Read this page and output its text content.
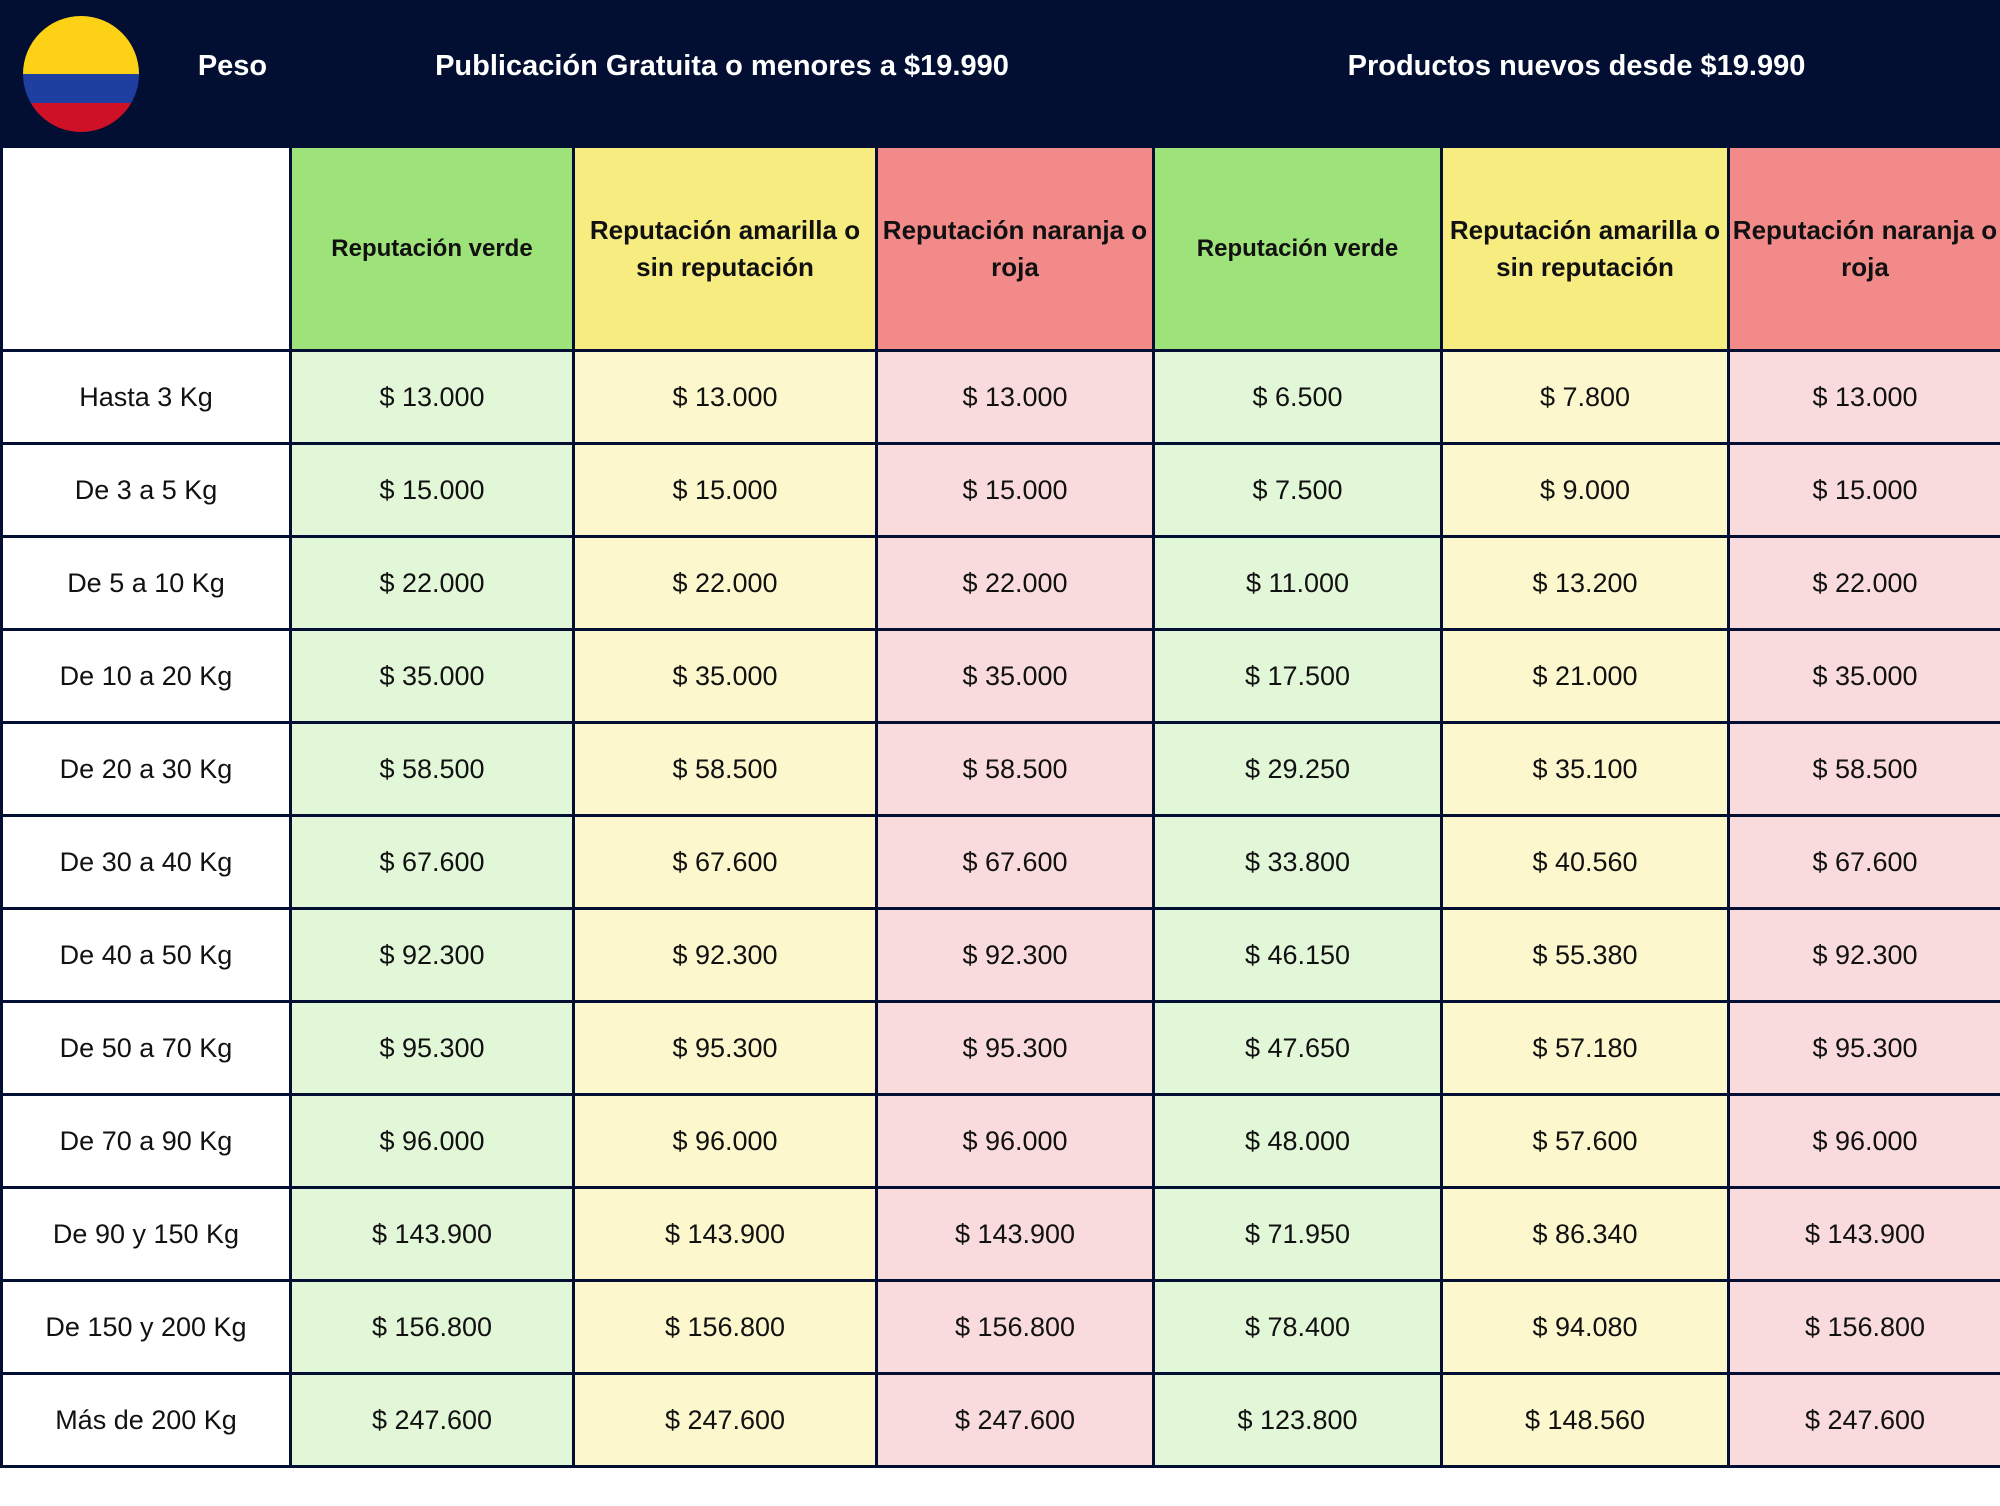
Peso	Publicación Gratuita o menores a $19.990	Productos nuevos desde $19.990
	Reputación verde	Reputación amarilla o sin reputación	Reputación naranja o roja	Reputación verde	Reputación amarilla o sin reputación	Reputación naranja o roja
Hasta 3 Kg	$ 13.000	$ 13.000	$ 13.000	$ 6.500	$ 7.800	$ 13.000
De 3 a 5 Kg	$ 15.000	$ 15.000	$ 15.000	$ 7.500	$ 9.000	$ 15.000
De 5 a 10 Kg	$ 22.000	$ 22.000	$ 22.000	$ 11.000	$ 13.200	$ 22.000
De 10 a 20 Kg	$ 35.000	$ 35.000	$ 35.000	$ 17.500	$ 21.000	$ 35.000
De 20 a 30 Kg	$ 58.500	$ 58.500	$ 58.500	$ 29.250	$ 35.100	$ 58.500
De 30 a 40 Kg	$ 67.600	$ 67.600	$ 67.600	$ 33.800	$ 40.560	$ 67.600
De 40 a 50 Kg	$ 92.300	$ 92.300	$ 92.300	$ 46.150	$ 55.380	$ 92.300
De 50 a 70 Kg	$ 95.300	$ 95.300	$ 95.300	$ 47.650	$ 57.180	$ 95.300
De 70 a 90 Kg	$ 96.000	$ 96.000	$ 96.000	$ 48.000	$ 57.600	$ 96.000
De 90 y 150 Kg	$ 143.900	$ 143.900	$ 143.900	$ 71.950	$ 86.340	$ 143.900
De 150 y 200 Kg	$ 156.800	$ 156.800	$ 156.800	$ 78.400	$ 94.080	$ 156.800
Más de 200 Kg	$ 247.600	$ 247.600	$ 247.600	$ 123.800	$ 148.560	$ 247.600
